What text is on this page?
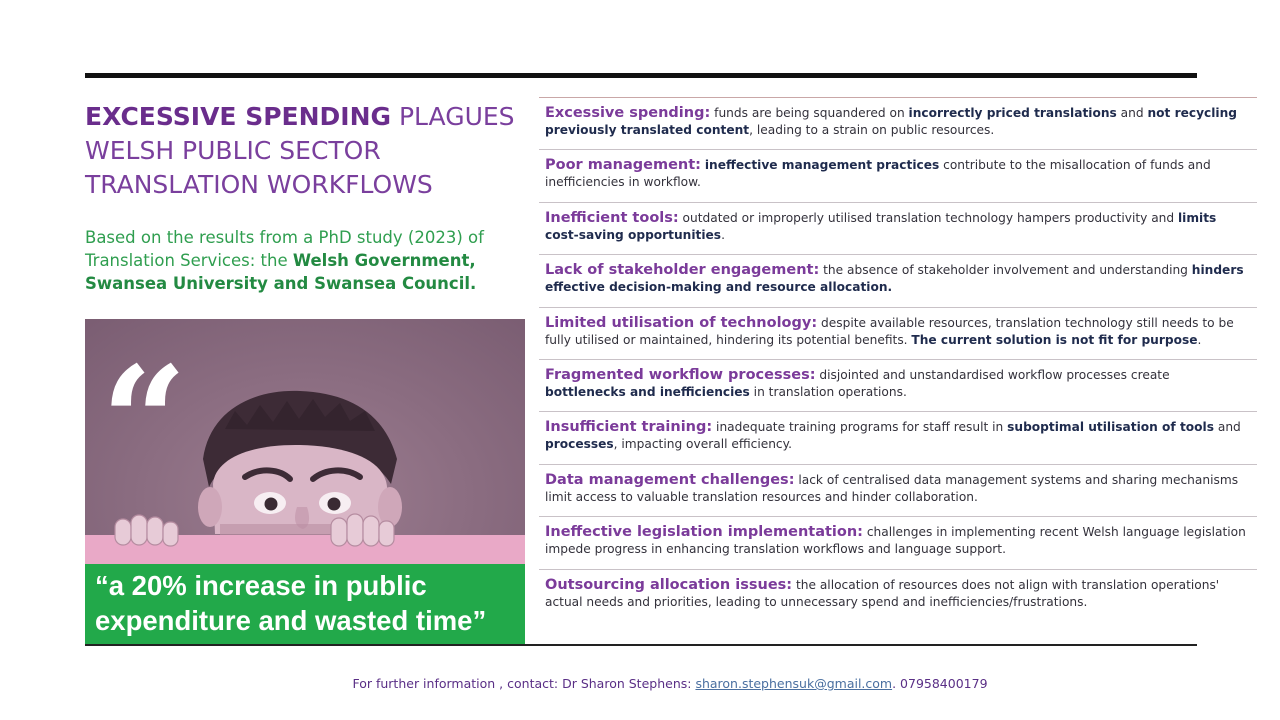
EXCESSIVE SPENDING PLAGUES
WELSH PUBLIC SECTOR
TRANSLATION WORKFLOWS

Based on the results from a PhD study (2023) of Translation Services: the Welsh Government, Swansea University and Swansea Council.

“
“a 20% increase in public
expenditure and wasted time”
Excessive spending: funds are being squandered on incorrectly priced translations and not recycling previously translated content, leading to a strain on public resources.
Poor management: ineffective management practices contribute to the misallocation of funds and inefficiencies in workflow.
Inefficient tools: outdated or improperly utilised translation technology hampers productivity and limits cost-saving opportunities.
Lack of stakeholder engagement: the absence of stakeholder involvement and understanding hinders effective decision-making and resource allocation.
Limited utilisation of technology: despite available resources, translation technology still needs to be fully utilised or maintained, hindering its potential benefits. The current solution is not fit for purpose.
Fragmented workflow processes: disjointed and unstandardised workflow processes create bottlenecks and inefficiencies in translation operations.
Insufficient training: inadequate training programs for staff result in suboptimal utilisation of tools and processes, impacting overall efficiency.
Data management challenges: lack of centralised data management systems and sharing mechanisms limit access to valuable translation resources and hinder collaboration.
Ineffective legislation implementation: challenges in implementing recent Welsh language legislation impede progress in enhancing translation workflows and language support.
Outsourcing allocation issues: the allocation of resources does not align with translation operations' actual needs and priorities, leading to unnecessary spend and inefficiencies/frustrations.
For further information , contact: Dr Sharon Stephens: sharon.stephensuk@gmail.com. 07958400179
